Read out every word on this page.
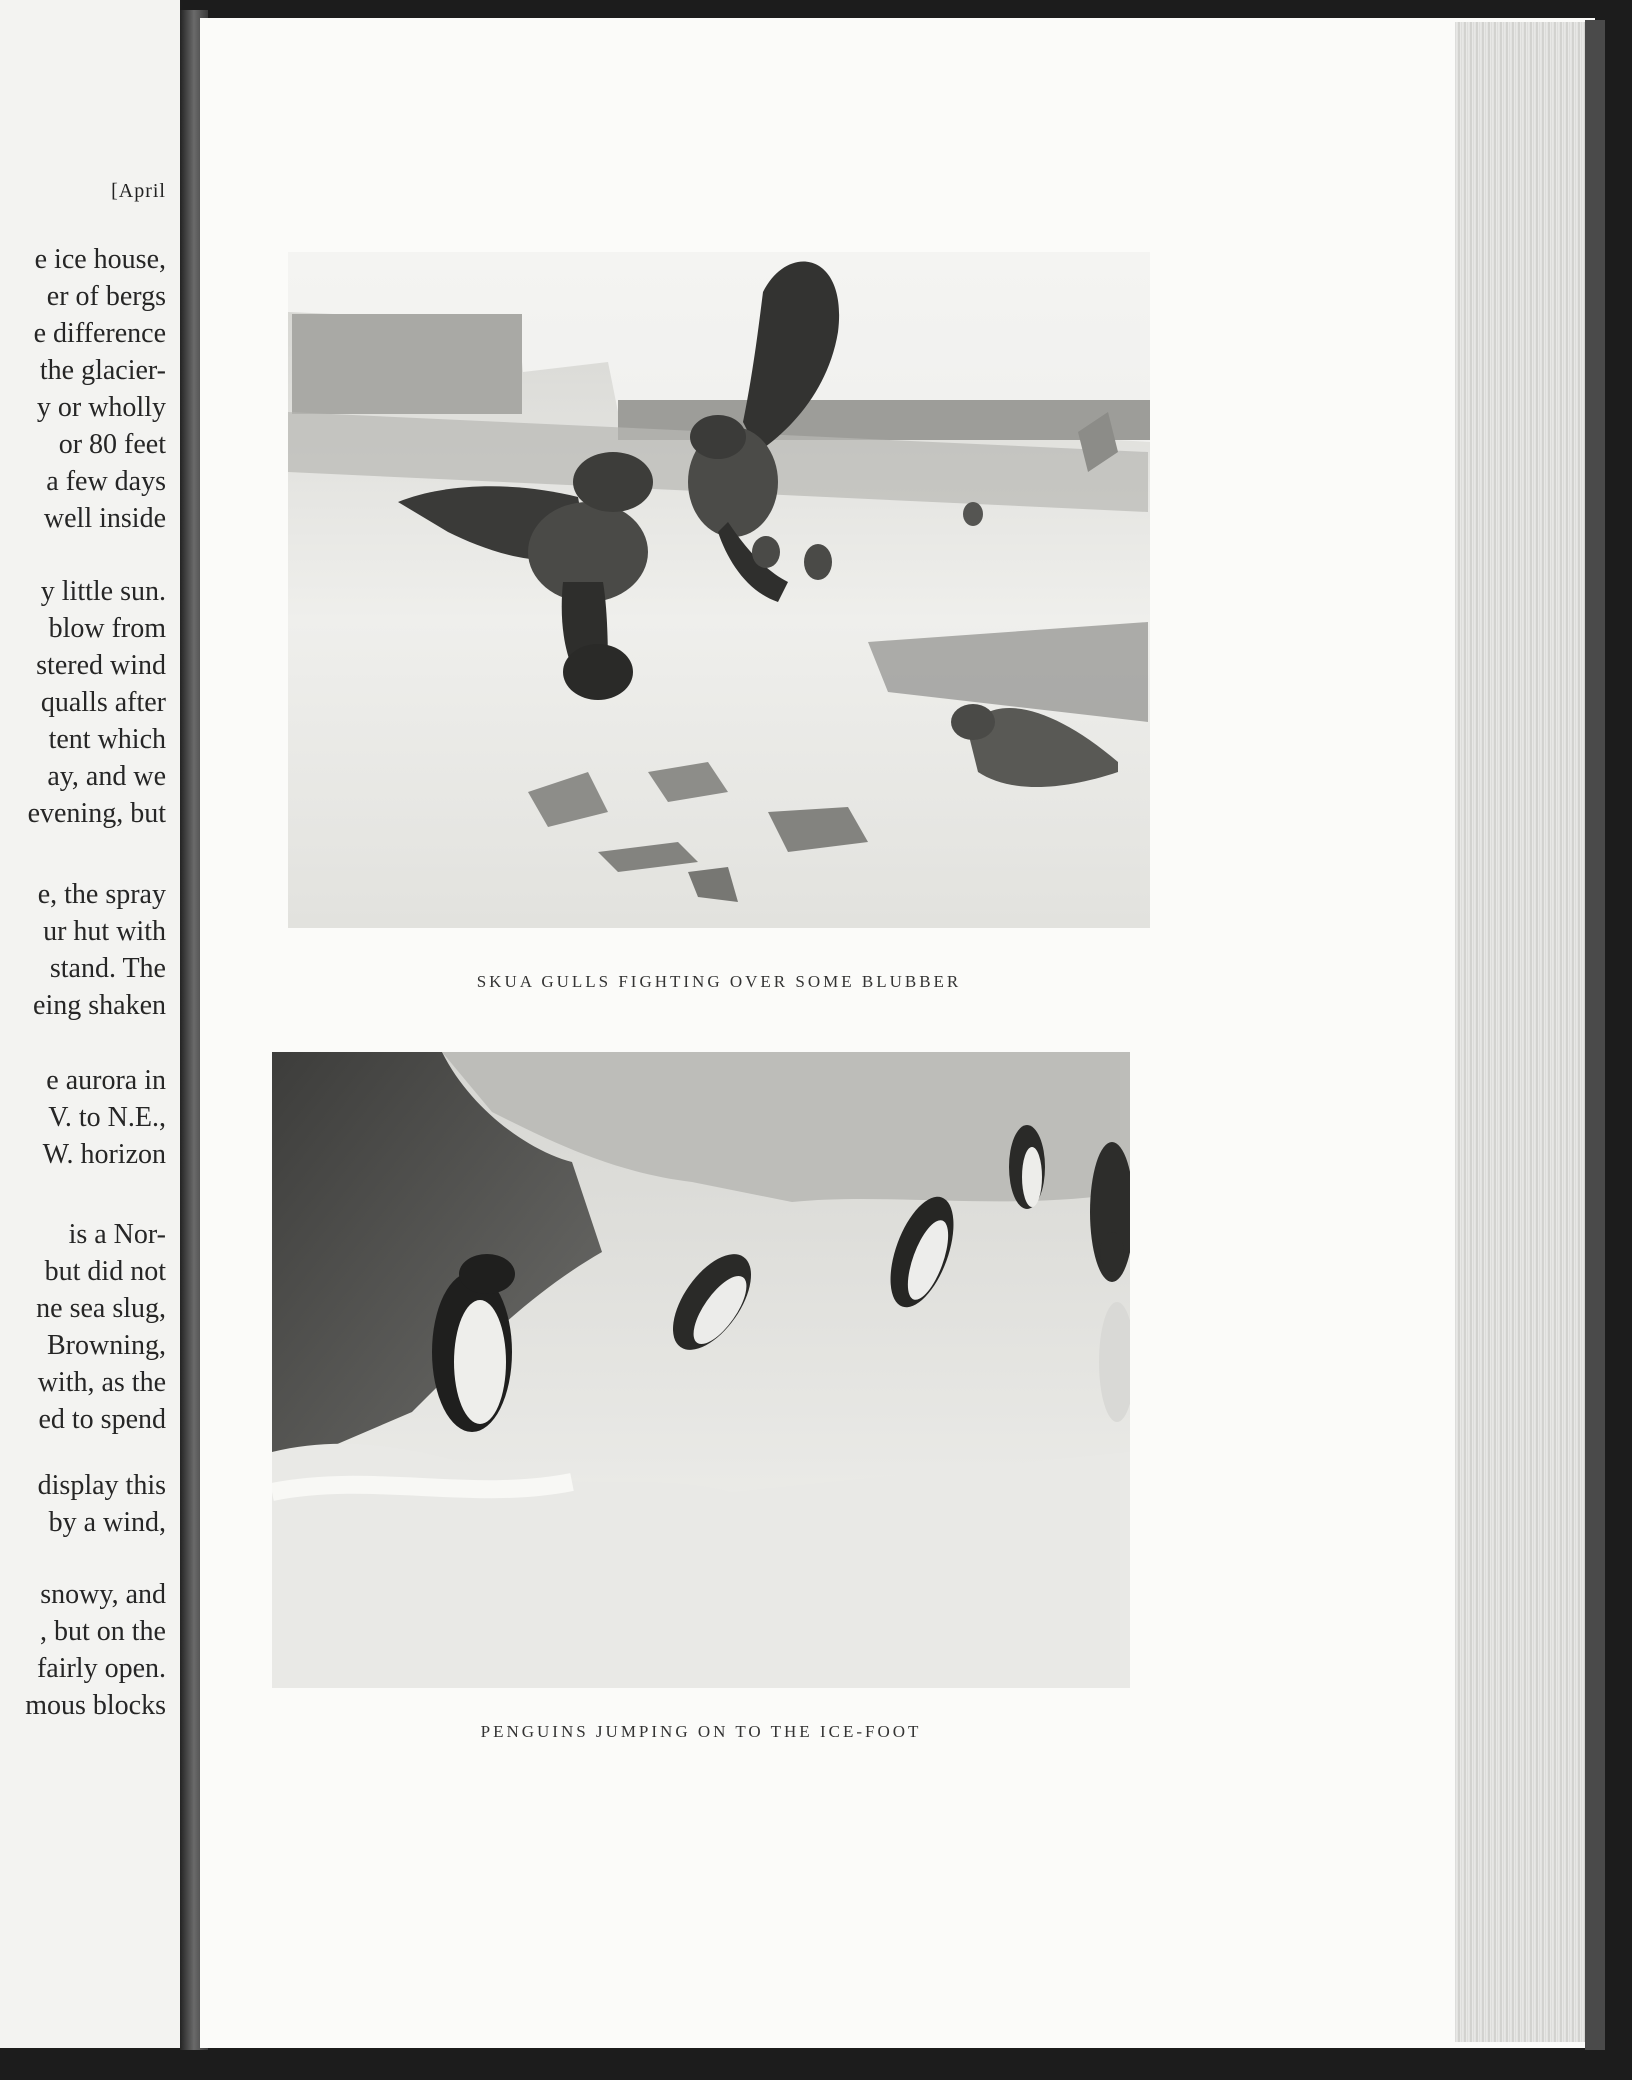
[April
e ice house,
er of bergs
e difference
the glacier-
y or wholly
or 80 feet
a few days
well inside
y little sun.
blow from
stered wind
qualls after
tent which
ay, and we
evening, but
e, the spray
ur hut with
stand. The
eing shaken
e aurora in
V. to N.E.,
W. horizon
is a Nor-
but did not
ne sea slug,
Browning,
with, as the
ed to spend
display this
by a wind,
snowy, and
, but on the
fairly open.
mous blocks
SKUA GULLS FIGHTING OVER SOME BLUBBER
PENGUINS JUMPING ON TO THE ICE-FOOT
